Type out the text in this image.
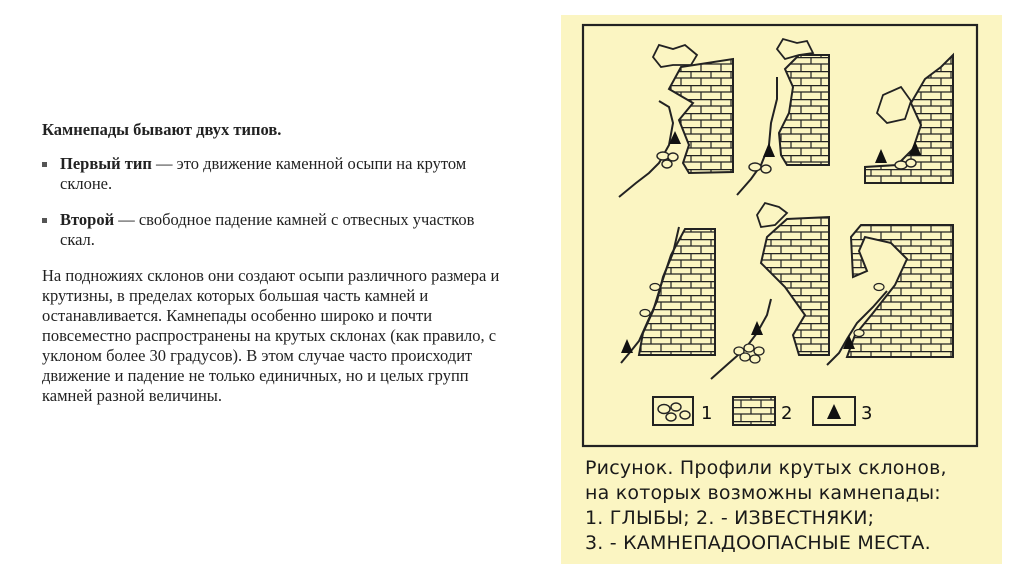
Камнепады бывают двух типов.

Первый тип — это движение каменной осыпи на крутом склоне.
Второй — свободное падение камней с отвесных участков скал.

На подножиях склонов они создают осыпи различного размера и крутизны, в пределах которых большая часть камней и останавливается. Камнепады особенно широко и почти повсеместно распространены на крутых склонах (как правило, с уклоном более 30 градусов). В этом случае часто происходит движение и падение не только единичных, но и целых групп камней разной величины.

1	2	3
Рисунок. Профили крутых склонов,
на которых возможны камнепады:
1. ГЛЫБЫ; 2. - ИЗВЕСТНЯКИ;
3. - КАМНЕПАДООПАСНЫЕ МЕСТА.
